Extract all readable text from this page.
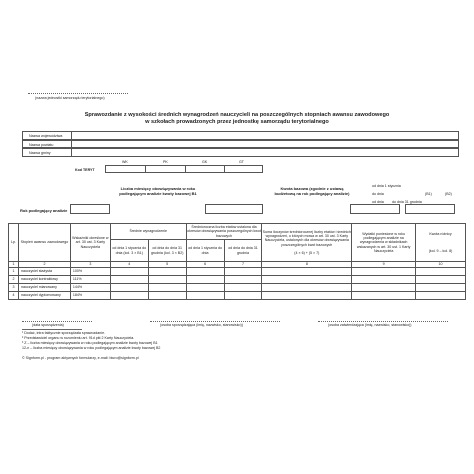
(nazwa jednostki samorządu terytorialnego)
Sprawozdanie z wysokości średnich wynagrodzeń nauczycieli na poszczególnych stopniach awansu zawodowego
w szkołach prowadzonych przez jednostkę samorządu terytorialnego
Nazwa województwa
Nazwa powiatu
Nazwa gminy
WK	PK	GK	GT
Kod TERYT
od dnia 1 stycznia
do dnia	(B1)
od dnia do dnia 31 grudnia
(B2)
Liczba miesięcy obowiązywania w roku podlegającym analizie kwoty bazowej B1
Kwota bazowa (zgodnie z ustawą budżetową na rok podlegający analizie)
Rok podlegający analizie
Lp.	Stopień awansu zawodowego	Wskaźniki określone w art. 30 ust. 3 Karty Nauczyciela	Średnie wynagrodzenie		Średnioroczna liczba etatów ustalona dla okresów obowiązywania poszczególnych kwot bazowych		Suma iloczynów średniorocznej liczby etatów i średnich wynagrodzeń, o których mowa w art. 30 ust. 3 Karty Nauczyciela, ustalonych dla okresów obowiązywania poszczególnych kwot bazowych

(4 × 6) + (5 × 7)	Wydatki poniesione w roku podlegającym analizie na wynagrodzenia w składnikach wskazanych w art. 30 ust. 1 Karty Nauczyciela	Kwota różnicy

(kol. 9 – kol. 8)
			od dnia 1 stycznia do dnia (kol. 3 × B1)	od dnia do dnia 31 grudnia (kol. 3 × B2)	od dnia 1 stycznia do dnia	od dnia do dnia 31 grudnia			
1	2	3	4	5	6	7	8	9	10
1	nauczyciel stażysta	100%							
2	nauczyciel kontraktowy	111%							
3	nauczyciel mianowany	144%							
4	nauczyciel dyplomowany	184%							
(data sporządzenia)	(osoba sporządzająca (imię, nazwisko, stanowisko))	(osoba zatwierdzająca (imię, nazwisko, stanowisko))
¹ Dodać, intra faktycznie sporządzała sprawozdanie.
² Przedstawiciel organu w rozumieniu art. 91d pkt 2 Karty Nauczyciela.
³ Z – liczba miesięcy obowiązywania w roku podlegającym analizie kwoty bazowej B1
12-n – liczba miesięcy obowiązywania w roku podlegającym analizie kwoty bazowej B2
© Signform.pl - program aktywnych formularzy, e-mail: biuro@signform.pl
